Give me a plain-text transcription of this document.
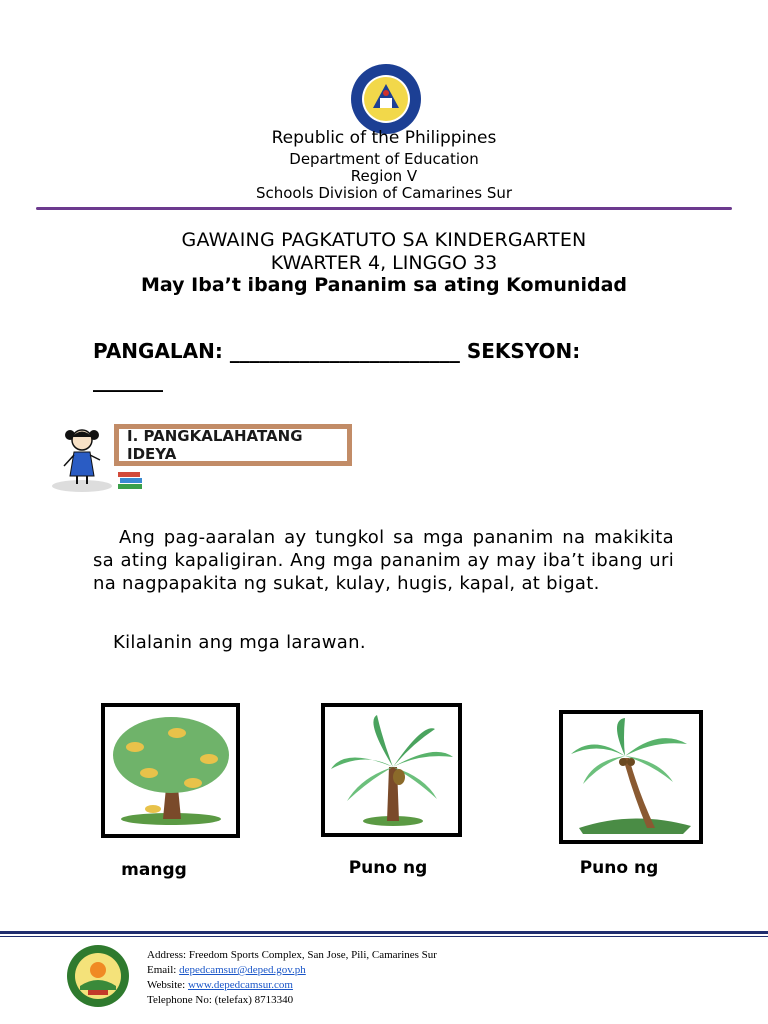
Republic of the Philippines
Department of Education
Region V
Schools Division of Camarines Sur
GAWAING PAGKATUTO SA KINDERGARTEN
KWARTER 4, LINGGO 33
May Iba’t ibang Pananim sa ating Komunidad
PANGALAN: _______________________ SEKSYON:
_______
I. PANGKALAHATANG IDEYA

Ang pag-aaralan ay tungkol sa mga pananim na makikita sa ating kapaligiran. Ang mga pananim ay may iba’t ibang uri na nagpapakita ng sukat, kulay, hugis, kapal, at bigat.

Kilalanin ang mga larawan.
mangg	Puno ng	Puno ng
Address: Freedom Sports Complex, San Jose, Pili, Camarines Sur
Email: depedcamsur@deped.gov.ph
Website: www.depedcamsur.com
Telephone No: (telefax) 8713340
